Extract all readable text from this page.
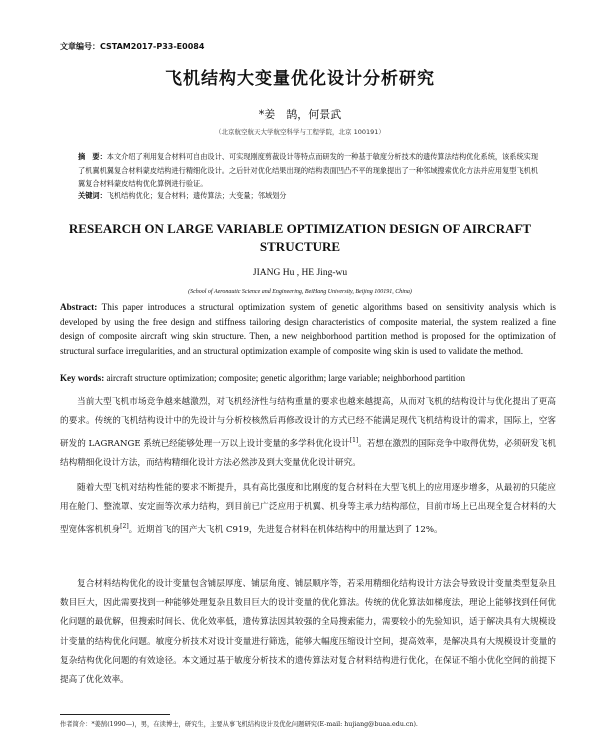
文章编号：CSTAM2017-P33-E0084
飞机结构大变量优化设计分析研究
*姜　鹄，何景武
（北京航空航天大学航空科学与工程学院，北京 100191）
摘　要：本文介绍了利用复合材料可自由设计、可实现刚度剪裁设计等特点而研发的一种基于敏度分析技术的遗传算法结构优化系统，该系统实现了机翼机翼复合材料蒙皮结构进行精细化设计。之后针对优化结果出现的结构表面凹凸不平的现象提出了一种邻域搜索优化方法并应用复型飞机机翼复合材料蒙皮结构优化算例进行验证。
关键词：飞机结构优化；复合材料；遗传算法；大变量；邻域划分
RESEARCH ON LARGE VARIABLE OPTIMIZATION DESIGN OF AIRCRAFT STRUCTURE
JIANG Hu , HE Jing-wu
(School of Aeronautic Science and Engineering, BeiHang University, Beijing 100191, China)
Abstract: This paper introduces a structural optimization system of genetic algorithms based on sensitivity analysis which is developed by using the free design and stiffness tailoring design characteristics of composite material, the system realized a fine design of composite aircraft wing skin structure. Then, a new neighborhood partition method is proposed for the optimization of structural surface irregularities, and an structural optimization example of composite wing skin is used to validate the method.
Key words: aircraft structure optimization; composite; genetic algorithm; large variable; neighborhood partition

当前大型飞机市场竞争越来越激烈，对飞机经济性与结构重量的要求也越来越提高，从而对飞机的结构设计与优化提出了更高的要求。传统的飞机结构设计中的先设计与分析校核然后再修改设计的方式已经不能满足现代飞机结构设计的需求，国际上，空客研发的 LAGRANGE 系统已经能够处理一万以上设计变量的多学科优化设计[1]。若想在激烈的国际竞争中取得优势，必须研发飞机结构精细化设计方法，而结构精细化设计方法必然涉及到大变量优化设计研究。

随着大型飞机对结构性能的要求不断提升，具有高比强度和比刚度的复合材料在大型飞机上的应用逐步增多，从最初的只能应用在舱门、整流罩、安定面等次承力结构，到目前已广泛应用于机翼、机身等主承力结构部位，目前市场上已出现全复合材料的大型宽体客机机身[2]。近期首飞的国产大飞机 C919，先进复合材料在机体结构中的用量达到了 12%。

复合材料结构优化的设计变量包含铺层厚度、铺层角度、铺层顺序等，若采用精细化结构设计方法会导致设计变量类型复杂且数目巨大，因此需要找到一种能够处理复杂且数目巨大的设计变量的优化算法。传统的优化算法如梯度法，理论上能够找到任何优化问题的最优解，但搜索时间长、优化效率低，遗传算法因其较强的全局搜索能力，需要较小的先验知识，适于解决具有大规模设计变量的结构优化问题。敏度分析技术对设计变量进行筛选，能够大幅度压缩设计空间，提高效率，是解决具有大规模设计变量的复杂结构优化问题的有效途径。本文通过基于敏度分析技术的遗传算法对复合材料结构进行优化，在保证不缩小优化空间的前提下提高了优化效率。

作者简介：*姜鹄(1990—)，男，在读博士，研究生，主要从事飞机结构设计及优化问题研究(E-mail: hujiang@buaa.edu.cn).
